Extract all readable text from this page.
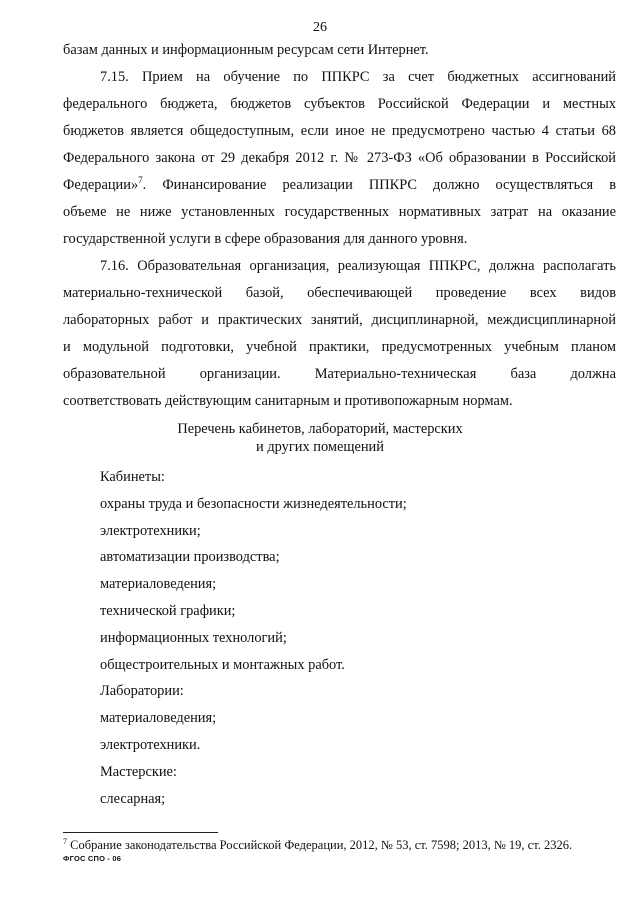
26
базам данных и информационным ресурсам сети Интернет.
7.15. Прием на обучение по ППКРС за счет бюджетных ассигнований
федерального бюджета, бюджетов субъектов Российской Федерации и местных
бюджетов является общедоступным, если иное не предусмотрено частью 4 статьи 68
Федерального закона от 29 декабря 2012 г. № 273-ФЗ «Об образовании в Российской
Федерации»$^7$. Финансирование реализации ППКРС должно осуществляться в
объеме не ниже установленных государственных нормативных затрат на оказание
государственной услуги в сфере образования для данного уровня.
7.16. Образовательная организация, реализующая ППКРС, должна располагать
материально-технической базой, обеспечивающей проведение всех видов
лабораторных работ и практических занятий, дисциплинарной, междисциплинарной
и модульной подготовки, учебной практики, предусмотренных учебным планом
образовательной организации. Материально-техническая база должна
соответствовать действующим санитарным и противопожарным нормам.
Перечень кабинетов, лабораторий, мастерских
и других помещений
Кабинеты:
охраны труда и безопасности жизнедеятельности;
электротехники;
автоматизации производства;
материаловедения;
технической графики;
информационных технологий;
общестроительных и монтажных работ.
Лаборатории:
материаловедения;
электротехники.
Мастерские:
слесарная;
$^7$ Собрание законодательства Российской Федерации, 2012, № 53, ст. 7598; 2013, № 19, ст. 2326.
ФГОС СПО - 06
